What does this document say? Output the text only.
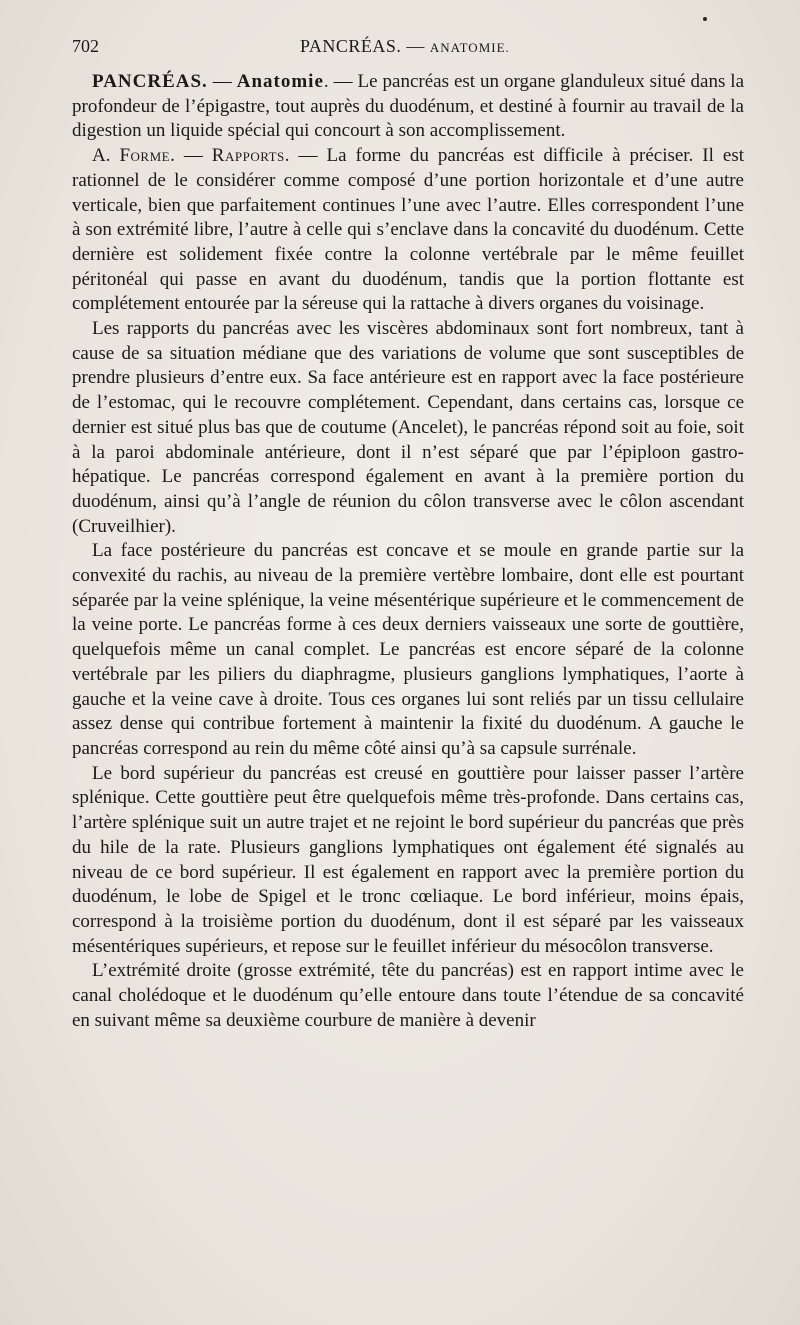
702	PANCRÉAS. — ANATOMIE.

PANCRÉAS. — Anatomie. — Le pancréas est un organe glanduleux situé dans la profondeur de l’épigastre, tout auprès du duodénum, et destiné à fournir au travail de la digestion un liquide spécial qui concourt à son accomplissement.

A. Forme. — Rapports. — La forme du pancréas est difficile à préciser. Il est rationnel de le considérer comme composé d’une portion horizontale et d’une autre verticale, bien que parfaitement continues l’une avec l’autre. Elles correspondent l’une à son extrémité libre, l’autre à celle qui s’enclave dans la concavité du duodénum. Cette dernière est solidement fixée contre la colonne vertébrale par le même feuillet péritonéal qui passe en avant du duodénum, tandis que la portion flottante est complétement entourée par la séreuse qui la rattache à divers organes du voisinage.

Les rapports du pancréas avec les viscères abdominaux sont fort nombreux, tant à cause de sa situation médiane que des variations de volume que sont susceptibles de prendre plusieurs d’entre eux. Sa face antérieure est en rapport avec la face postérieure de l’estomac, qui le recouvre complétement. Cependant, dans certains cas, lorsque ce dernier est situé plus bas que de coutume (Ancelet), le pancréas répond soit au foie, soit à la paroi abdominale antérieure, dont il n’est séparé que par l’épiploon gastro-hépatique. Le pancréas correspond également en avant à la première portion du duodénum, ainsi qu’à l’angle de réunion du côlon transverse avec le côlon ascendant (Cruveilhier).

La face postérieure du pancréas est concave et se moule en grande partie sur la convexité du rachis, au niveau de la première vertèbre lombaire, dont elle est pourtant séparée par la veine splénique, la veine mésentérique supérieure et le commencement de la veine porte. Le pancréas forme à ces deux derniers vaisseaux une sorte de gouttière, quelquefois même un canal complet. Le pancréas est encore séparé de la colonne vertébrale par les piliers du diaphragme, plusieurs ganglions lymphatiques, l’aorte à gauche et la veine cave à droite. Tous ces organes lui sont reliés par un tissu cellulaire assez dense qui contribue fortement à maintenir la fixité du duodénum. A gauche le pancréas correspond au rein du même côté ainsi qu’à sa capsule surrénale.

Le bord supérieur du pancréas est creusé en gouttière pour laisser passer l’artère splénique. Cette gouttière peut être quelquefois même très-profonde. Dans certains cas, l’artère splénique suit un autre trajet et ne rejoint le bord supérieur du pancréas que près du hile de la rate. Plusieurs ganglions lymphatiques ont également été signalés au niveau de ce bord supérieur. Il est également en rapport avec la première portion du duodénum, le lobe de Spigel et le tronc cœliaque. Le bord inférieur, moins épais, correspond à la troisième portion du duodénum, dont il est séparé par les vaisseaux mésentériques supérieurs, et repose sur le feuillet inférieur du mésocôlon transverse.

L’extrémité droite (grosse extrémité, tête du pancréas) est en rapport intime avec le canal cholédoque et le duodénum qu’elle entoure dans toute l’étendue de sa concavité en suivant même sa deuxième courbure de manière à devenir
